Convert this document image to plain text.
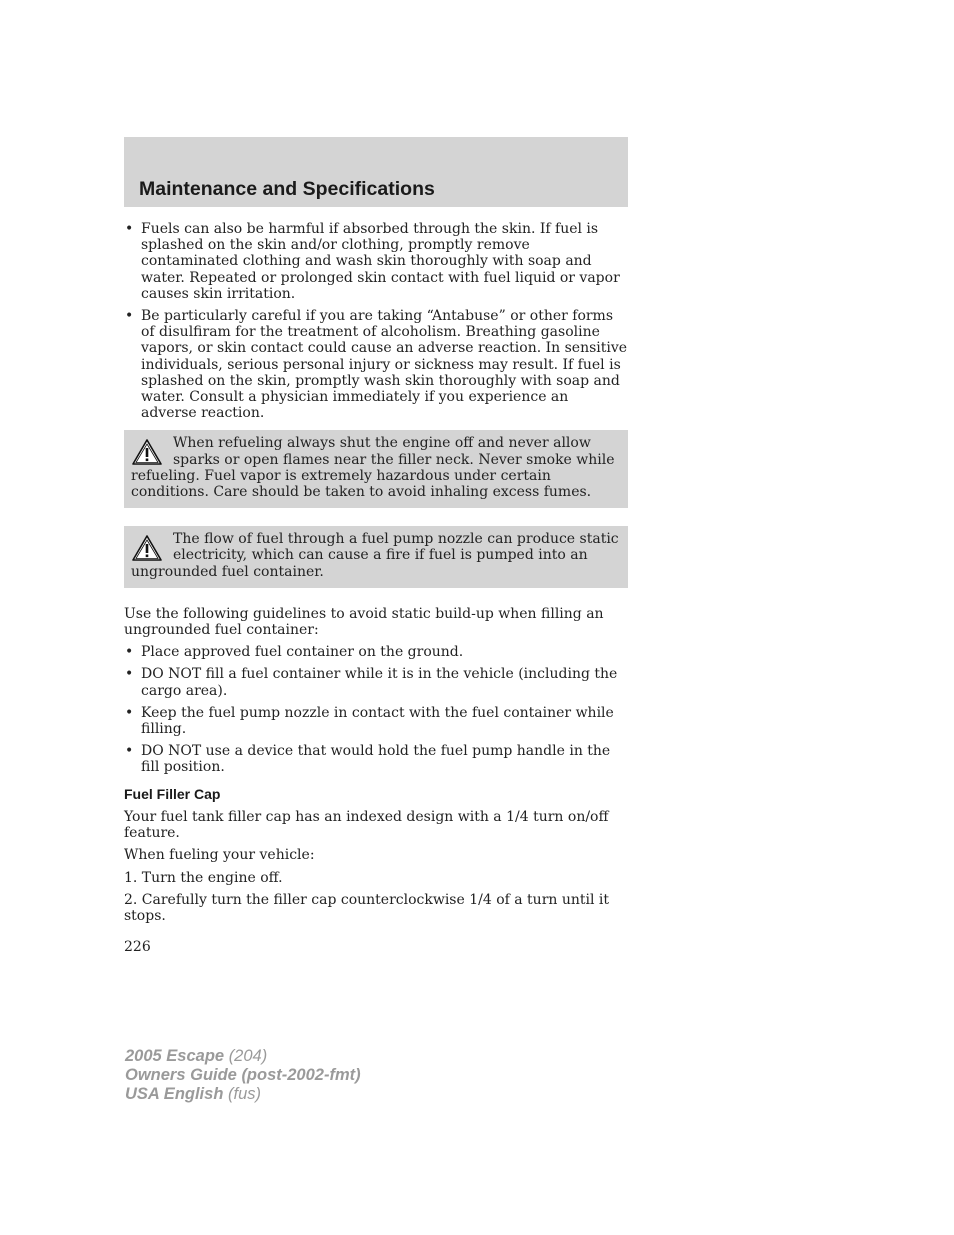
Maintenance and Specifications
• Fuels can also be harmful if absorbed through the skin. If fuel is splashed on the skin and/or clothing, promptly remove contaminated clothing and wash skin thoroughly with soap and water. Repeated or prolonged skin contact with fuel liquid or vapor causes skin irritation.
• Be particularly careful if you are taking “Antabuse” or other forms of disulfiram for the treatment of alcoholism. Breathing gasoline vapors, or skin contact could cause an adverse reaction. In sensitive individuals, serious personal injury or sickness may result. If fuel is splashed on the skin, promptly wash skin thoroughly with soap and water. Consult a physician immediately if you experience an adverse reaction.

When refueling always shut the engine off and never allow sparks or open flames near the filler neck. Never smoke while refueling. Fuel vapor is extremely hazardous under certain conditions. Care should be taken to avoid inhaling excess fumes.

The flow of fuel through a fuel pump nozzle can produce static electricity, which can cause a fire if fuel is pumped into an ungrounded fuel container.

Use the following guidelines to avoid static build-up when filling an ungrounded fuel container:
• Place approved fuel container on the ground.
• DO NOT fill a fuel container while it is in the vehicle (including the cargo area).
• Keep the fuel pump nozzle in contact with the fuel container while filling.
• DO NOT use a device that would hold the fuel pump handle in the fill position.
Fuel Filler Cap
Your fuel tank filler cap has an indexed design with a 1/4 turn on/off feature.
When fueling your vehicle:
1. Turn the engine off.
2. Carefully turn the filler cap counterclockwise 1/4 of a turn until it stops.
226
2005 Escape (204)
Owners Guide (post-2002-fmt)
USA English (fus)
